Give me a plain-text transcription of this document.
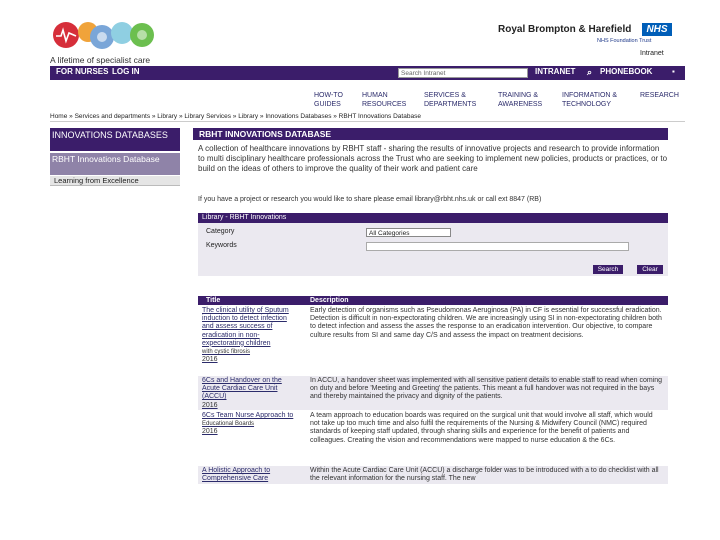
A lifetime of specialist care
Royal Brompton & Harefield	NHS
NHS Foundation Trust
Intranet
FOR NURSES LOG IN	Search Intranet	INTRANET ⌕ PHONEBOOK ▪
HOW-TO
GUIDES
HUMAN
RESOURCES
SERVICES &
DEPARTMENTS
TRAINING &
AWARENESS
INFORMATION &
TECHNOLOGY
RESEARCH
Home » Services and departments » Library » Library Services » Library » Innovations Databases » RBHT Innovations Database
INNOVATIONS DATABASES
RBHT Innovations Database
Learning from Excellence
RBHT INNOVATIONS DATABASE
A collection of healthcare innovations by RBHT staff - sharing the results of innovative projects and research to provide information to multi disciplinary healthcare professionals across the Trust who are seeking to implement new policies, products or practices, or to build on the ideas of others to improve the quality of their work and patient care
If you have a project or research you would like to share please email library@rbht.nhs.uk or call ext 8847 (RB)
Library - RBHT Innovations
Category	All Categories
Keywords
Search	Clear
Title	Description
The clinical utility of Sputum induction to detect infection and assess success of eradication in non-expectorating children
with cystic fibrosis
2016
Early detection of organisms such as Pseudomonas Aeruginosa (PA) in CF is essential for successful eradication. Detection is difficult in non-expectorating children. We are increasingly using SI in non-expectorating children both to detect infection and assess the asses the response to an eradication intervention. Our objective, to compare culture results from SI and same day C/S and assess the impact on treatment decisions.
6Cs and Handover on the Acute Cardiac Care Unit (ACCU)
2016
In ACCU, a handover sheet was implemented with all sensitive patient details to enable staff to read when coming on duty and before 'Meeting and Greeting' the patients. This meant a full handover was not required in the bays and thereby maintained the privacy and dignity of the patients.
6Cs Team Nurse Approach to
Educational Boards
2016
A team approach to education boards was required on the surgical unit that would involve all staff, which would not take up too much time and also fulfil the requirements of the Nursing & Midwifery Council (NMC) required standards of keeping staff updated, through sharing skills and experience for the benefit of patients and colleagues. Creating the vision and recommendations were mapped to nurse education & the 6Cs.
A Holistic Approach to Comprehensive Care
Within the Acute Cardiac Care Unit (ACCU) a discharge folder was to be introduced with a to do checklist with all the relevant information for the nursing staff. The new
